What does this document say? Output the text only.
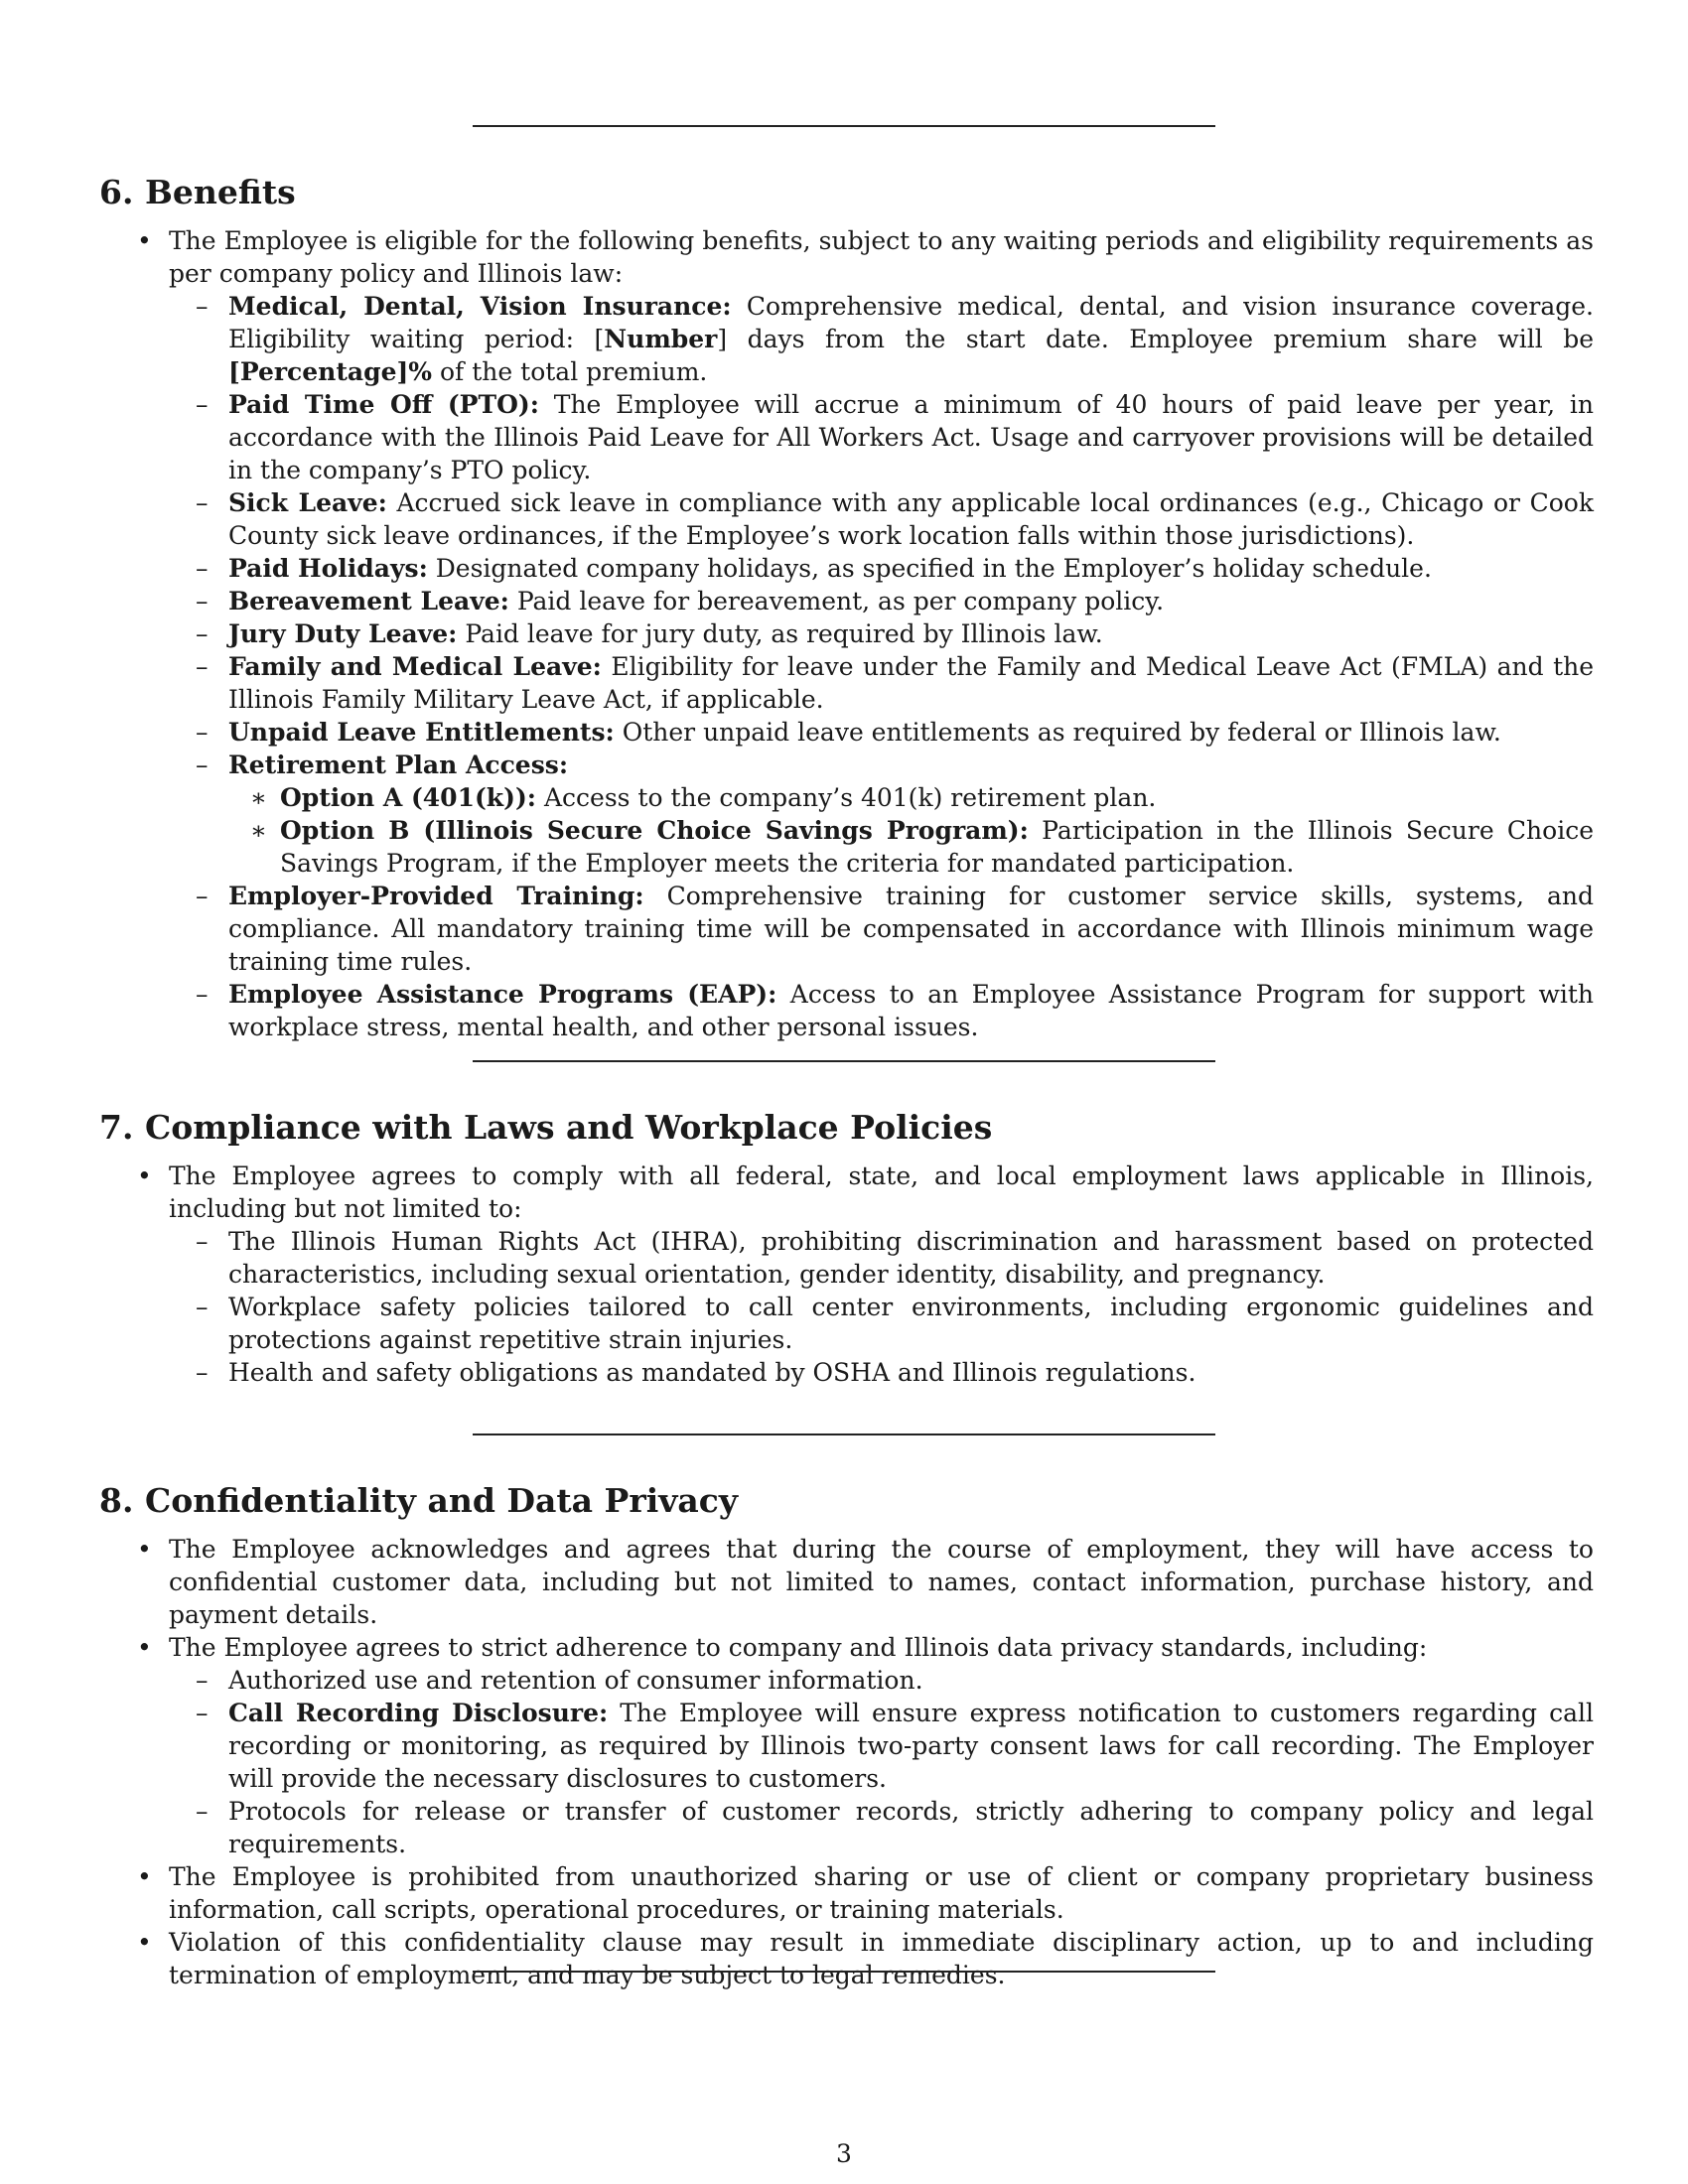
6. Benefits
• The Employee is eligible for the following benefits, subject to any waiting periods and eligibility requirements as per company policy and Illinois law:
– Medical, Dental, Vision Insurance: Comprehensive medical, dental, and vision insurance coverage. Eligibility waiting period: [Number] days from the start date. Employee premium share will be [Percentage]% of the total premium.
– Paid Time Off (PTO): The Employee will accrue a minimum of 40 hours of paid leave per year, in accordance with the Illinois Paid Leave for All Workers Act. Usage and carryover provisions will be detailed in the company’s PTO policy.
– Sick Leave: Accrued sick leave in compliance with any applicable local ordinances (e.g., Chicago or Cook County sick leave ordinances, if the Employee’s work location falls within those jurisdictions).
– Paid Holidays: Designated company holidays, as specified in the Employer’s holiday schedule.
– Bereavement Leave: Paid leave for bereavement, as per company policy.
– Jury Duty Leave: Paid leave for jury duty, as required by Illinois law.
– Family and Medical Leave: Eligibility for leave under the Family and Medical Leave Act (FMLA) and the Illinois Family Military Leave Act, if applicable.
– Unpaid Leave Entitlements: Other unpaid leave entitlements as required by federal or Illinois law.
– Retirement Plan Access:
∗ Option A (401(k)): Access to the company’s 401(k) retirement plan.
∗ Option B (Illinois Secure Choice Savings Program): Participation in the Illinois Secure Choice Savings Program, if the Employer meets the criteria for mandated participation.
– Employer-Provided Training: Comprehensive training for customer service skills, systems, and compliance. All mandatory training time will be compensated in accordance with Illinois minimum wage training time rules.
– Employee Assistance Programs (EAP): Access to an Employee Assistance Program for support with workplace stress, mental health, and other personal issues.
7. Compliance with Laws and Workplace Policies
• The Employee agrees to comply with all federal, state, and local employment laws applicable in Illinois, including but not limited to:
– The Illinois Human Rights Act (IHRA), prohibiting discrimination and harassment based on protected characteristics, including sexual orientation, gender identity, disability, and pregnancy.
– Workplace safety policies tailored to call center environments, including ergonomic guidelines and protections against repetitive strain injuries.
– Health and safety obligations as mandated by OSHA and Illinois regulations.
8. Confidentiality and Data Privacy
• The Employee acknowledges and agrees that during the course of employment, they will have access to confidential customer data, including but not limited to names, contact information, purchase history, and payment details.
• The Employee agrees to strict adherence to company and Illinois data privacy standards, including:
– Authorized use and retention of consumer information.
– Call Recording Disclosure: The Employee will ensure express notification to customers regarding call recording or monitoring, as required by Illinois two-party consent laws for call recording. The Employer will provide the necessary disclosures to customers.
– Protocols for release or transfer of customer records, strictly adhering to company policy and legal requirements.
• The Employee is prohibited from unauthorized sharing or use of client or company proprietary business information, call scripts, operational procedures, or training materials.
• Violation of this confidentiality clause may result in immediate disciplinary action, up to and including termination of employment, and may be subject to legal remedies.
3
